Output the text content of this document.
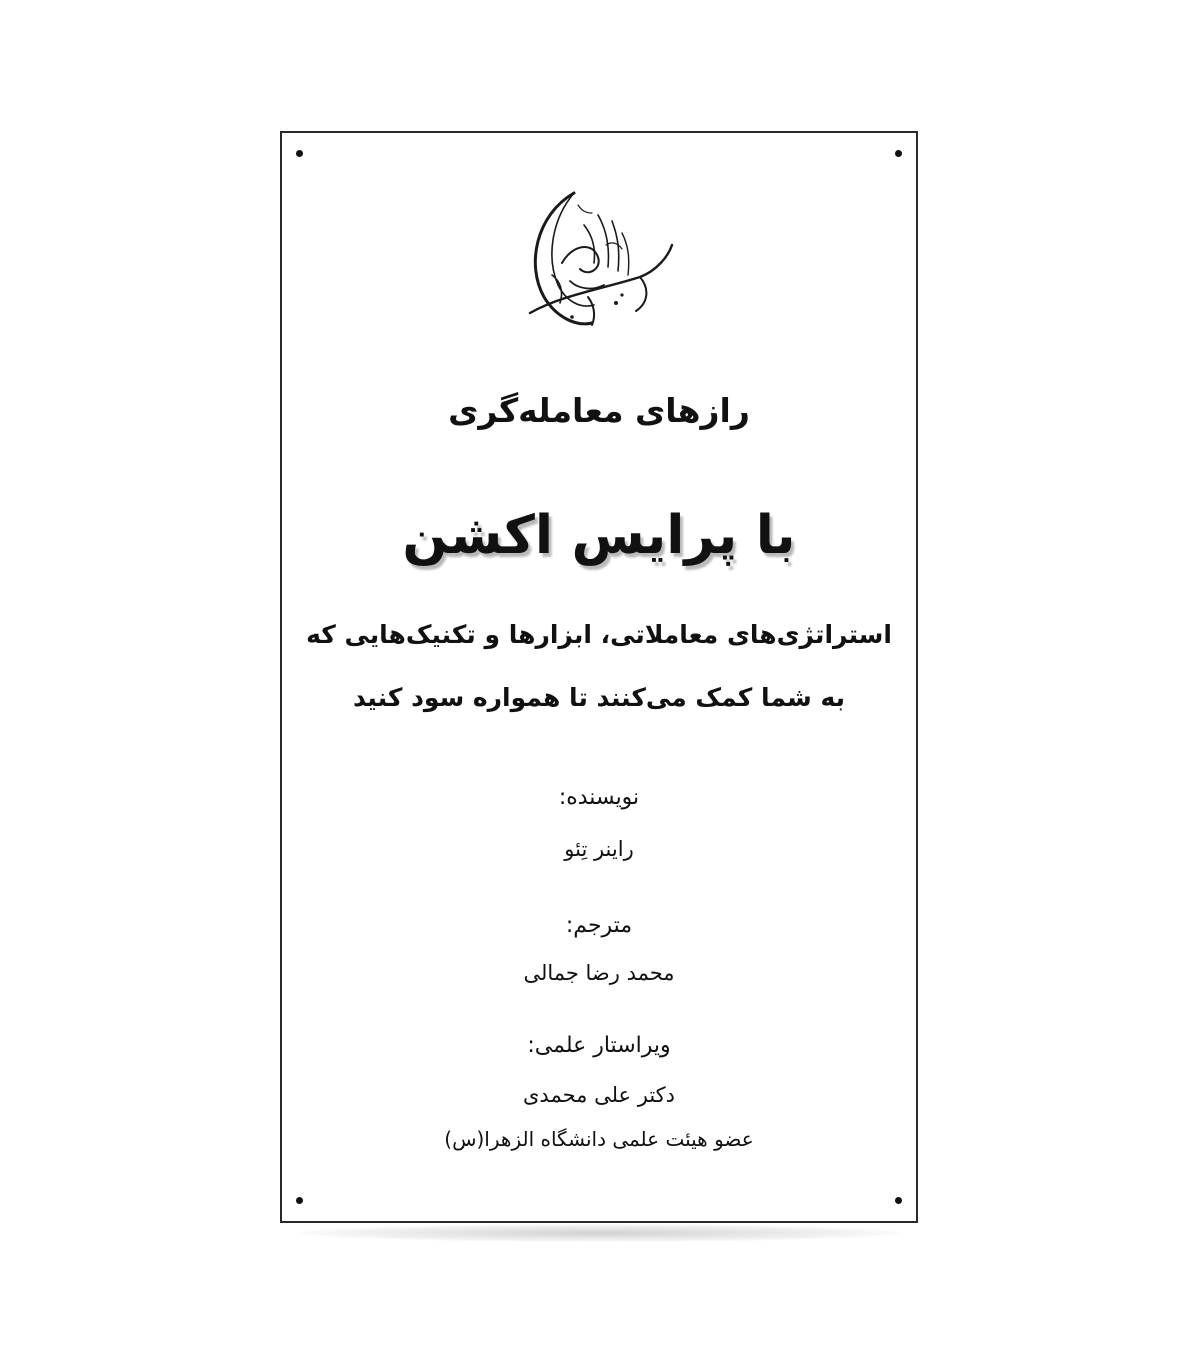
رازهای معامله‌گری
با پرایس اکشن
استراتژی‌های معاملاتی، ابزارها و تکنیک‌هایی که
به شما کمک می‌کنند تا همواره سود کنید
نویسنده:
راینر تِئو
مترجم:
محمد رضا جمالی
ویراستار علمی:
دکتر علی محمدی
عضو هیئت علمی دانشگاه الزهرا(س)
